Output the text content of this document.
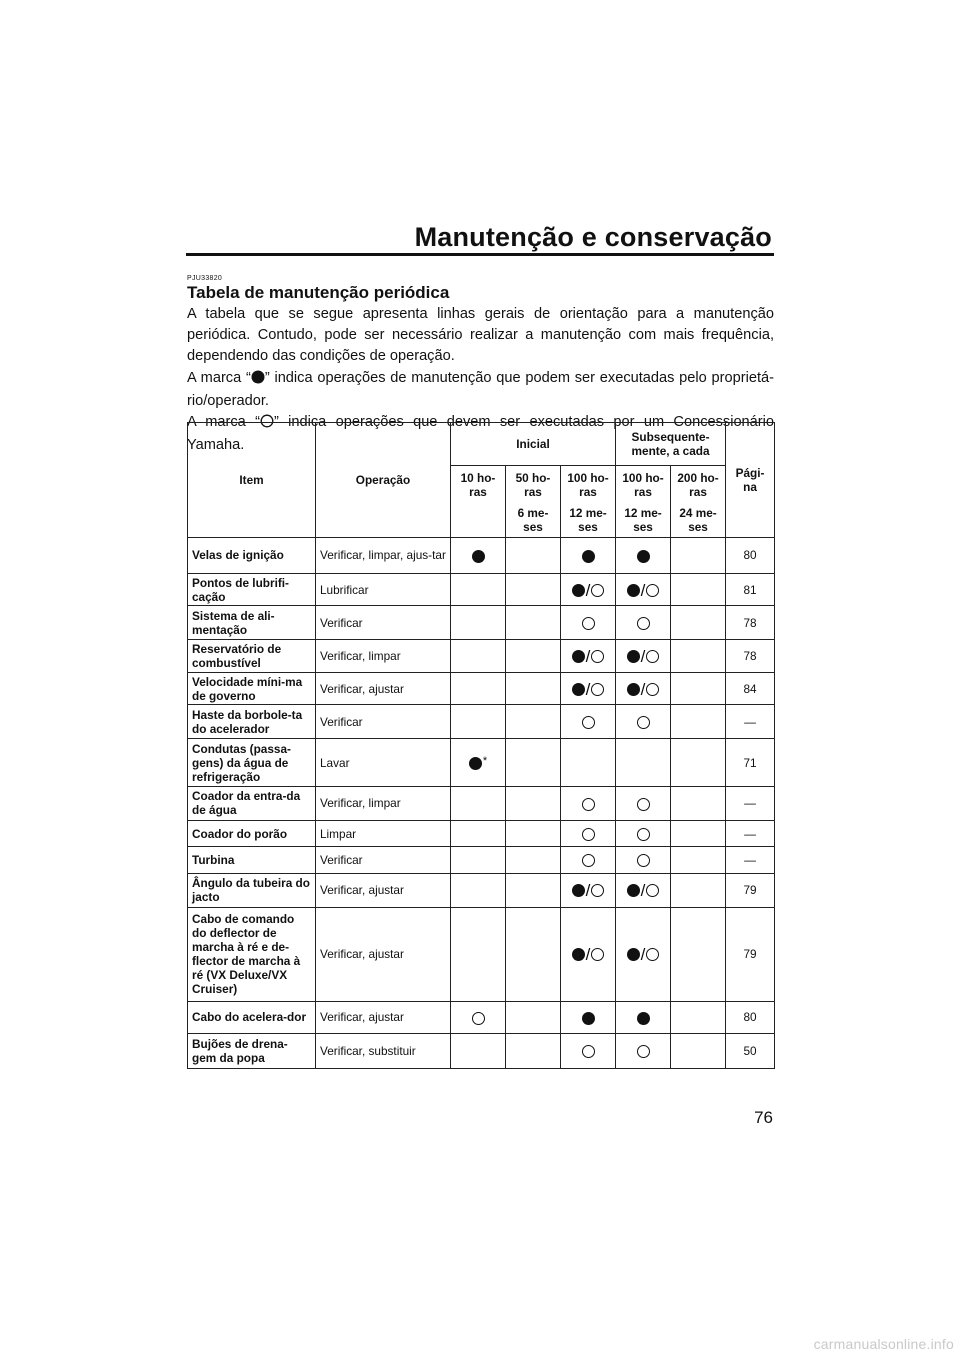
Manutenção e conservação
PJU33820
Tabela de manutenção periódica

A tabela que se segue apresenta linhas gerais de orientação para a manutenção periódica. Contudo, pode ser necessário realizar a manutenção com mais frequência, dependendo das condições de operação.

A marca “ ” indica operações de manutenção que podem ser executadas pelo proprietário/operador.

A marca “ ” indica operações que devem ser executadas por um Concessionário Yamaha.

Item	Operação	Inicial			Subsequente-mente, a cada		Pági-na
		10 ho-ras	50 ho-ras	100 ho-ras	100 ho-ras	200 ho-ras	
			6 me-ses	12 me-ses	12 me-ses	24 me-ses	
Velas de ignição	Verificar, limpar, ajus-tar						80
Pontos de lubrifi-cação	Lubrificar			/	/		81
Sistema de ali-mentação	Verificar						78
Reservatório de combustível	Verificar, limpar			/	/		78
Velocidade míni-ma de governo	Verificar, ajustar			/	/		84
Haste da borbole-ta do acelerador	Verificar						—
Condutas (passa-gens) da água de refrigeração	Lavar	*					71
Coador da entra-da de água	Verificar, limpar						—
Coador do porão	Limpar						—
Turbina	Verificar						—
Ângulo da tubeira do jacto	Verificar, ajustar			/	/		79
Cabo de comando do deflector de marcha à ré e de-flector de marcha à ré (VX Deluxe/VX Cruiser)	Verificar, ajustar			/	/		79
Cabo do acelera-dor	Verificar, ajustar						80
Bujões de drena-gem da popa	Verificar, substituir						50
76
carmanualsonline.info
